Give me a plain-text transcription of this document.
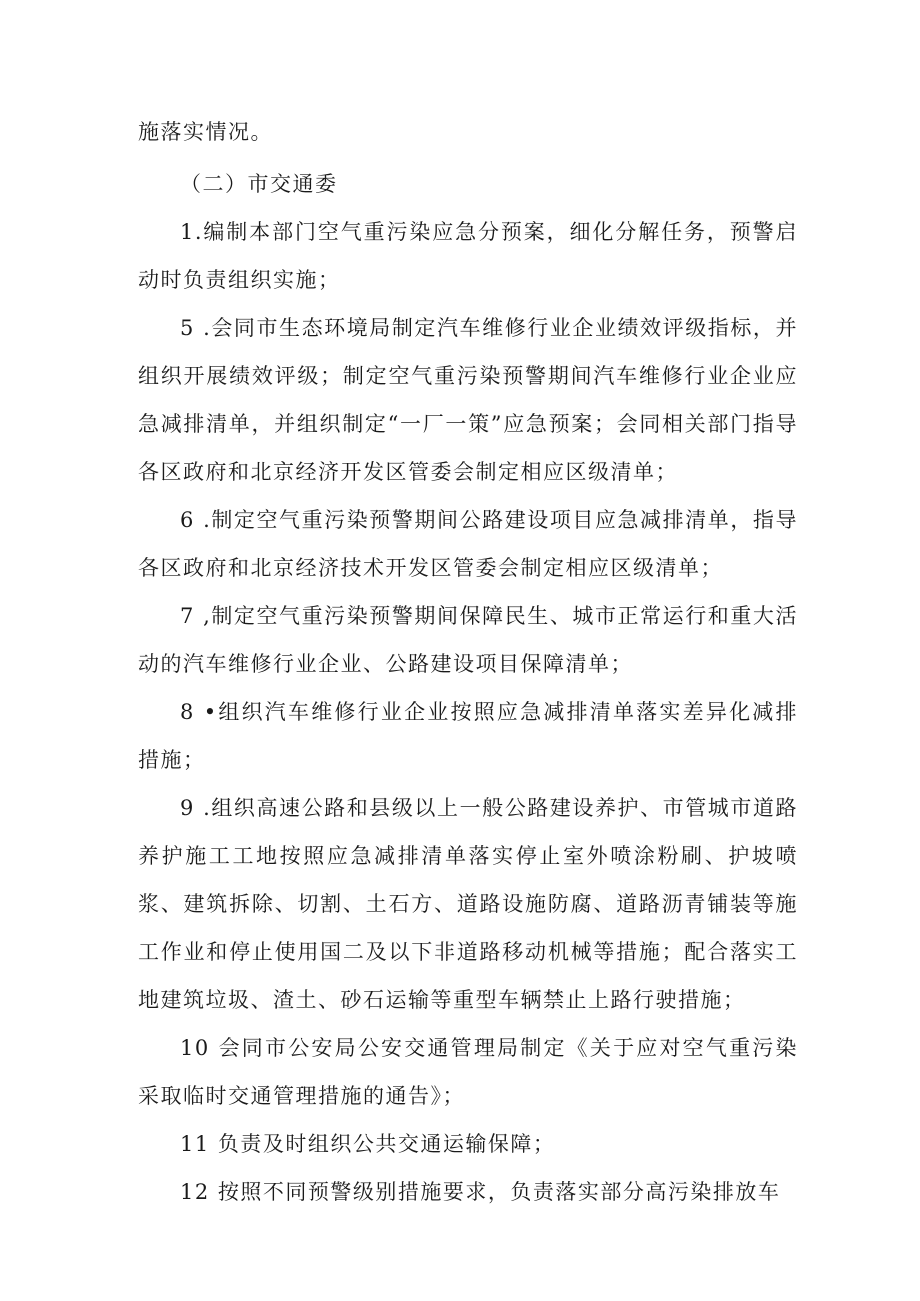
施落实情况。

（二）市交通委

1.编制本部门空气重污染应急分预案，细化分解任务，预警启动时负责组织实施；

5 .会同市生态环境局制定汽车维修行业企业绩效评级指标，并组织开展绩效评级；制定空气重污染预警期间汽车维修行业企业应急减排清单，并组织制定“一厂一策”应急预案；会同相关部门指导各区政府和北京经济开发区管委会制定相应区级清单；

6 .制定空气重污染预警期间公路建设项目应急减排清单，指导各区政府和北京经济技术开发区管委会制定相应区级清单；

7 ,制定空气重污染预警期间保障民生、城市正常运行和重大活动的汽车维修行业企业、公路建设项目保障清单；

8 •组织汽车维修行业企业按照应急减排清单落实差异化减排措施；

9 .组织高速公路和县级以上一般公路建设养护、市管城市道路养护施工工地按照应急减排清单落实停止室外喷涂粉刷、护坡喷浆、建筑拆除、切割、土石方、道路设施防腐、道路沥青铺装等施工作业和停止使用国二及以下非道路移动机械等措施；配合落实工地建筑垃圾、渣土、砂石运输等重型车辆禁止上路行驶措施；

10 会同市公安局公安交通管理局制定《关于应对空气重污染采取临时交通管理措施的通告》；

11 负责及时组织公共交通运输保障；

12 按照不同预警级别措施要求，负责落实部分高污染排放车
